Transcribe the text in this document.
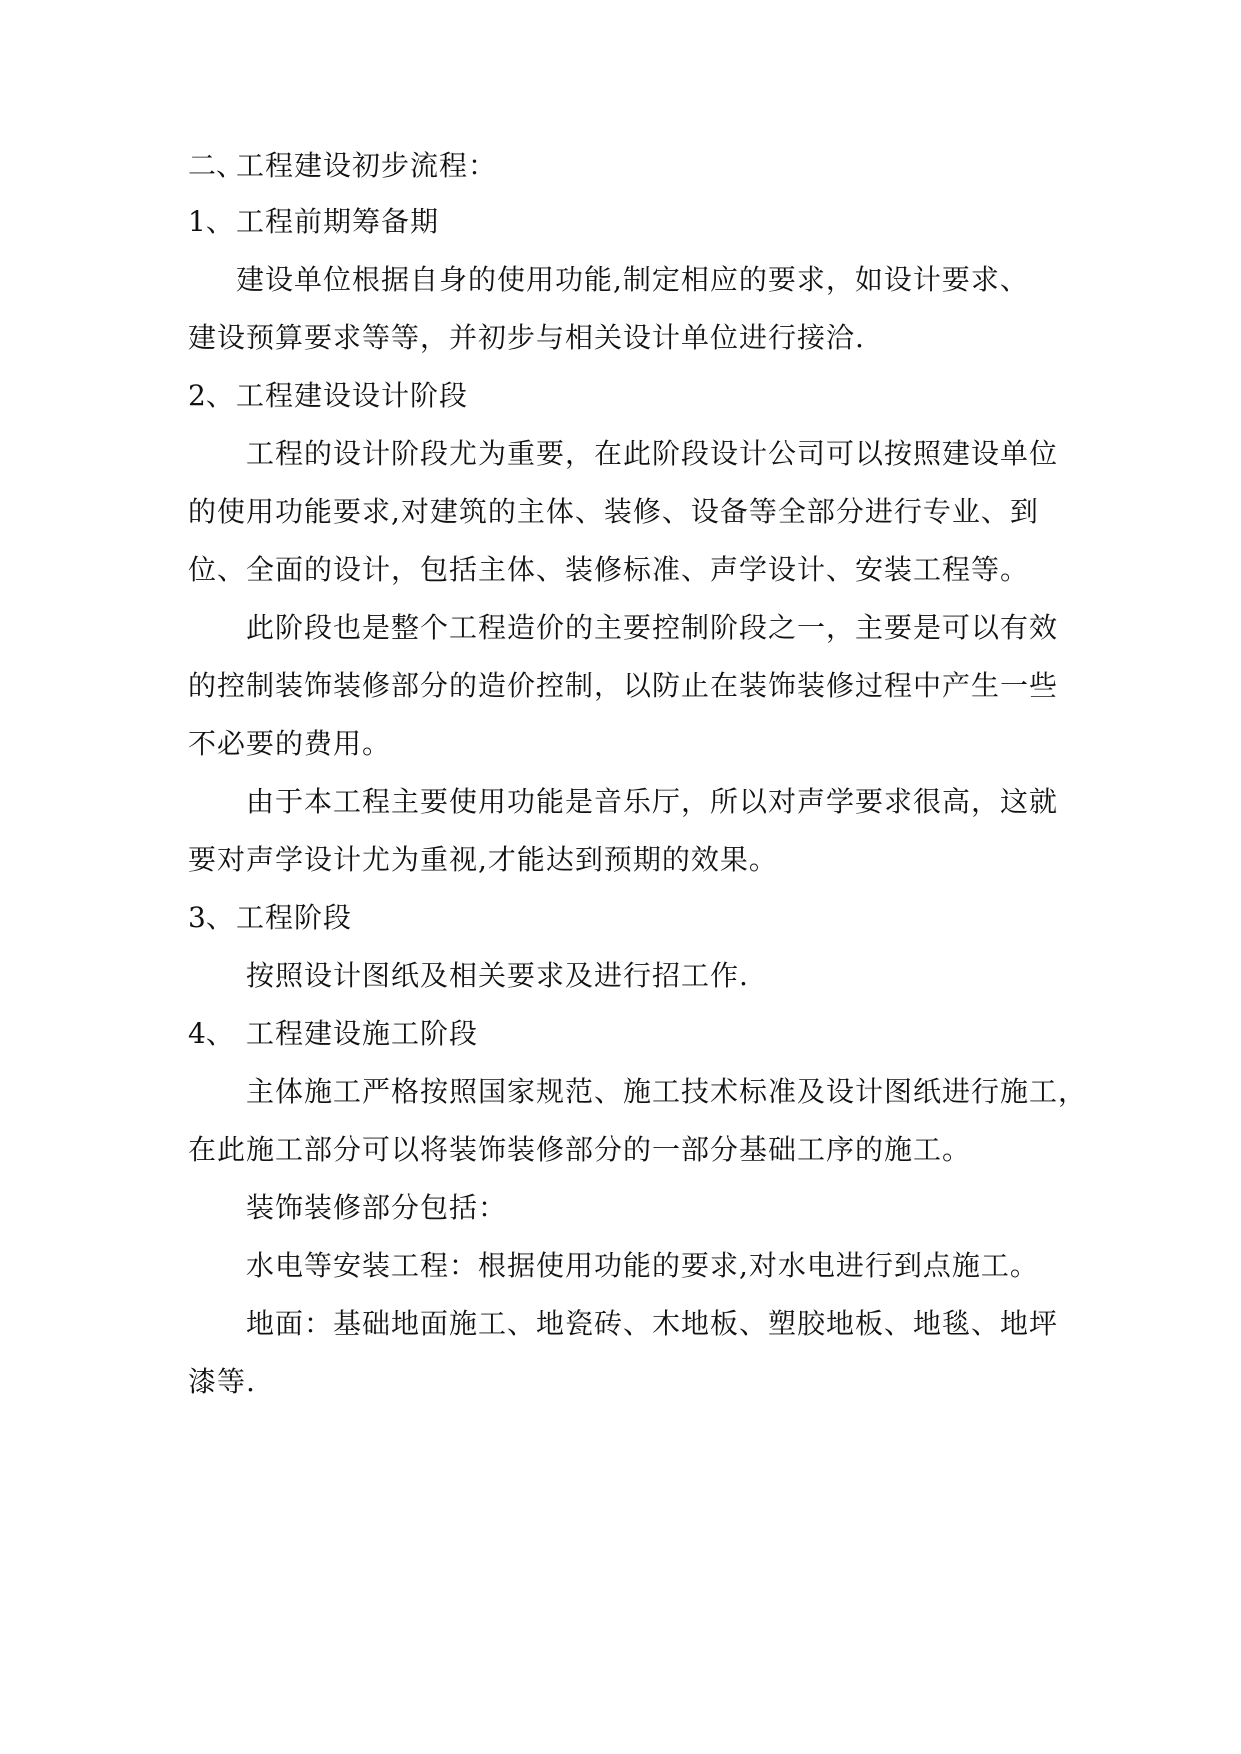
二、
工程建设初步流程：
1、 工程前期筹备期
建设单位根据自身的使用功能,制定相应的要求，如设计要求、
建设预算要求等等，并初步与相关设计单位进行接洽.
2、 工程建设设计阶段
工程的设计阶段尤为重要，在此阶段设计公司可以按照建设单位
的使用功能要求,对建筑的主体、装修、设备等全部分进行专业、到
位、全面的设计，包括主体、装修标准、声学设计、安装工程等。
此阶段也是整个工程造价的主要控制阶段之一，主要是可以有效
的控制装饰装修部分的造价控制，以防止在装饰装修过程中产生一些
不必要的费用。
由于本工程主要使用功能是音乐厅，所以对声学要求很高，这就
要对声学设计尤为重视,才能达到预期的效果。
3、 工程阶段
按照设计图纸及相关要求及进行招工作.
4、 工程建设施工阶段
主体施工严格按照国家规范、施工技术标准及设计图纸进行施工，
在此施工部分可以将装饰装修部分的一部分基础工序的施工。
装饰装修部分包括：
水电等安装工程：根据使用功能的要求,对水电进行到点施工。
地面：基础地面施工、地瓷砖、木地板、塑胶地板、地毯、地坪
漆等.
